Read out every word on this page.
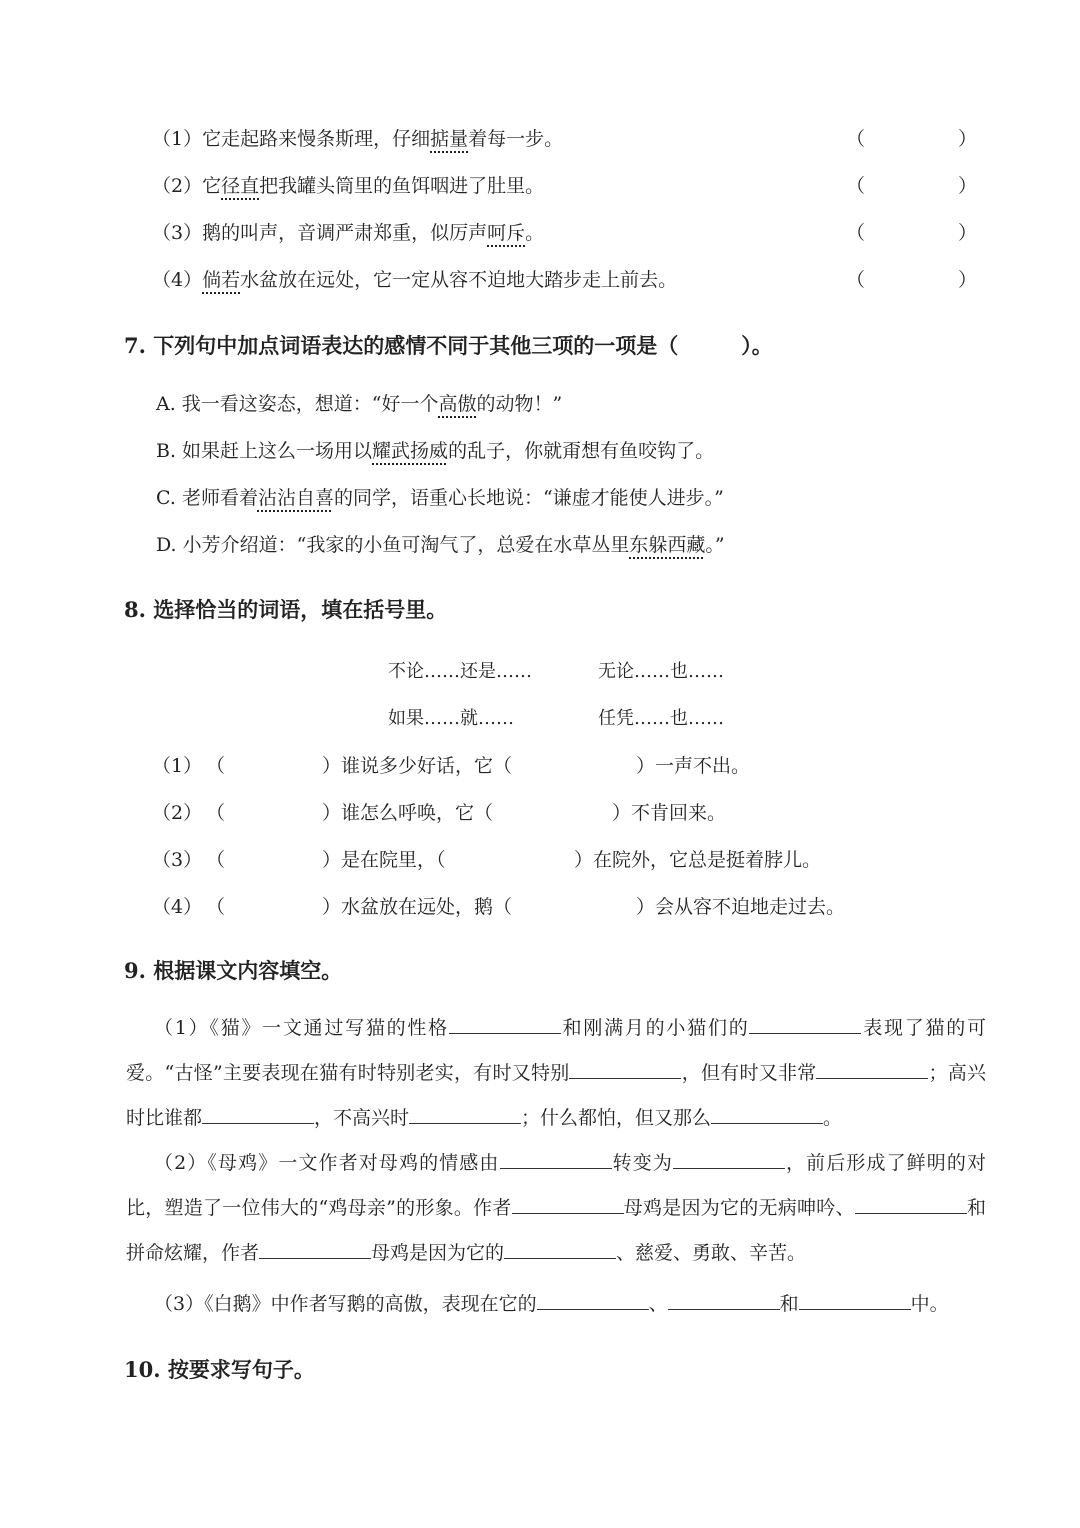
（1）它走起路来慢条斯理，仔细掂量着每一步。	（	）
（2）它径直把我罐头筒里的鱼饵咽进了肚里。	（	）
（3）鹅的叫声，音调严肃郑重，似厉声呵斥。	（	）
（4）倘若水盆放在远处，它一定从容不迫地大踏步走上前去。	（	）
7. 下列句中加点词语表达的感情不同于其他三项的一项是（　　　）。
A. 我一看这姿态，想道：“好一个高傲的动物！”
B. 如果赶上这么一场用以耀武扬威的乱子，你就甭想有鱼咬钩了。
C. 老师看着沾沾自喜的同学，语重心长地说：“谦虚才能使人进步。”
D. 小芳介绍道：“我家的小鱼可淘气了，总爱在水草丛里东躲西藏。”
8. 选择恰当的词语，填在括号里。
不论……还是……	无论……也……
如果……就……	任凭……也……
（1） （	）谁说多少好话，它（	）一声不出。
（2） （	）谁怎么呼唤，它（	）不肯回来。
（3） （	）是在院里，（	）在院外，它总是挺着脖儿。
（4） （	）水盆放在远处，鹅（	）会从容不迫地走过去。
9. 根据课文内容填空。
（1）《猫》一文通过写猫的性格	和刚满月的小猫们的	表现了猫的可爱。“古怪”主要表现在猫有时特别老实，有时又特别	，但有时又非常	；高兴时比谁都	，不高兴时	；什么都怕，但又那么	。
（2）《母鸡》一文作者对母鸡的情感由	转变为	，前后形成了鲜明的对比，塑造了一位伟大的“鸡母亲”的形象。作者	母鸡是因为它的无病呻吟、	和拼命炫耀，作者	母鸡是因为它的	、慈爱、勇敢、辛苦。
（3）《白鹅》中作者写鹅的高傲，表现在它的	、	和	中。
10. 按要求写句子。
